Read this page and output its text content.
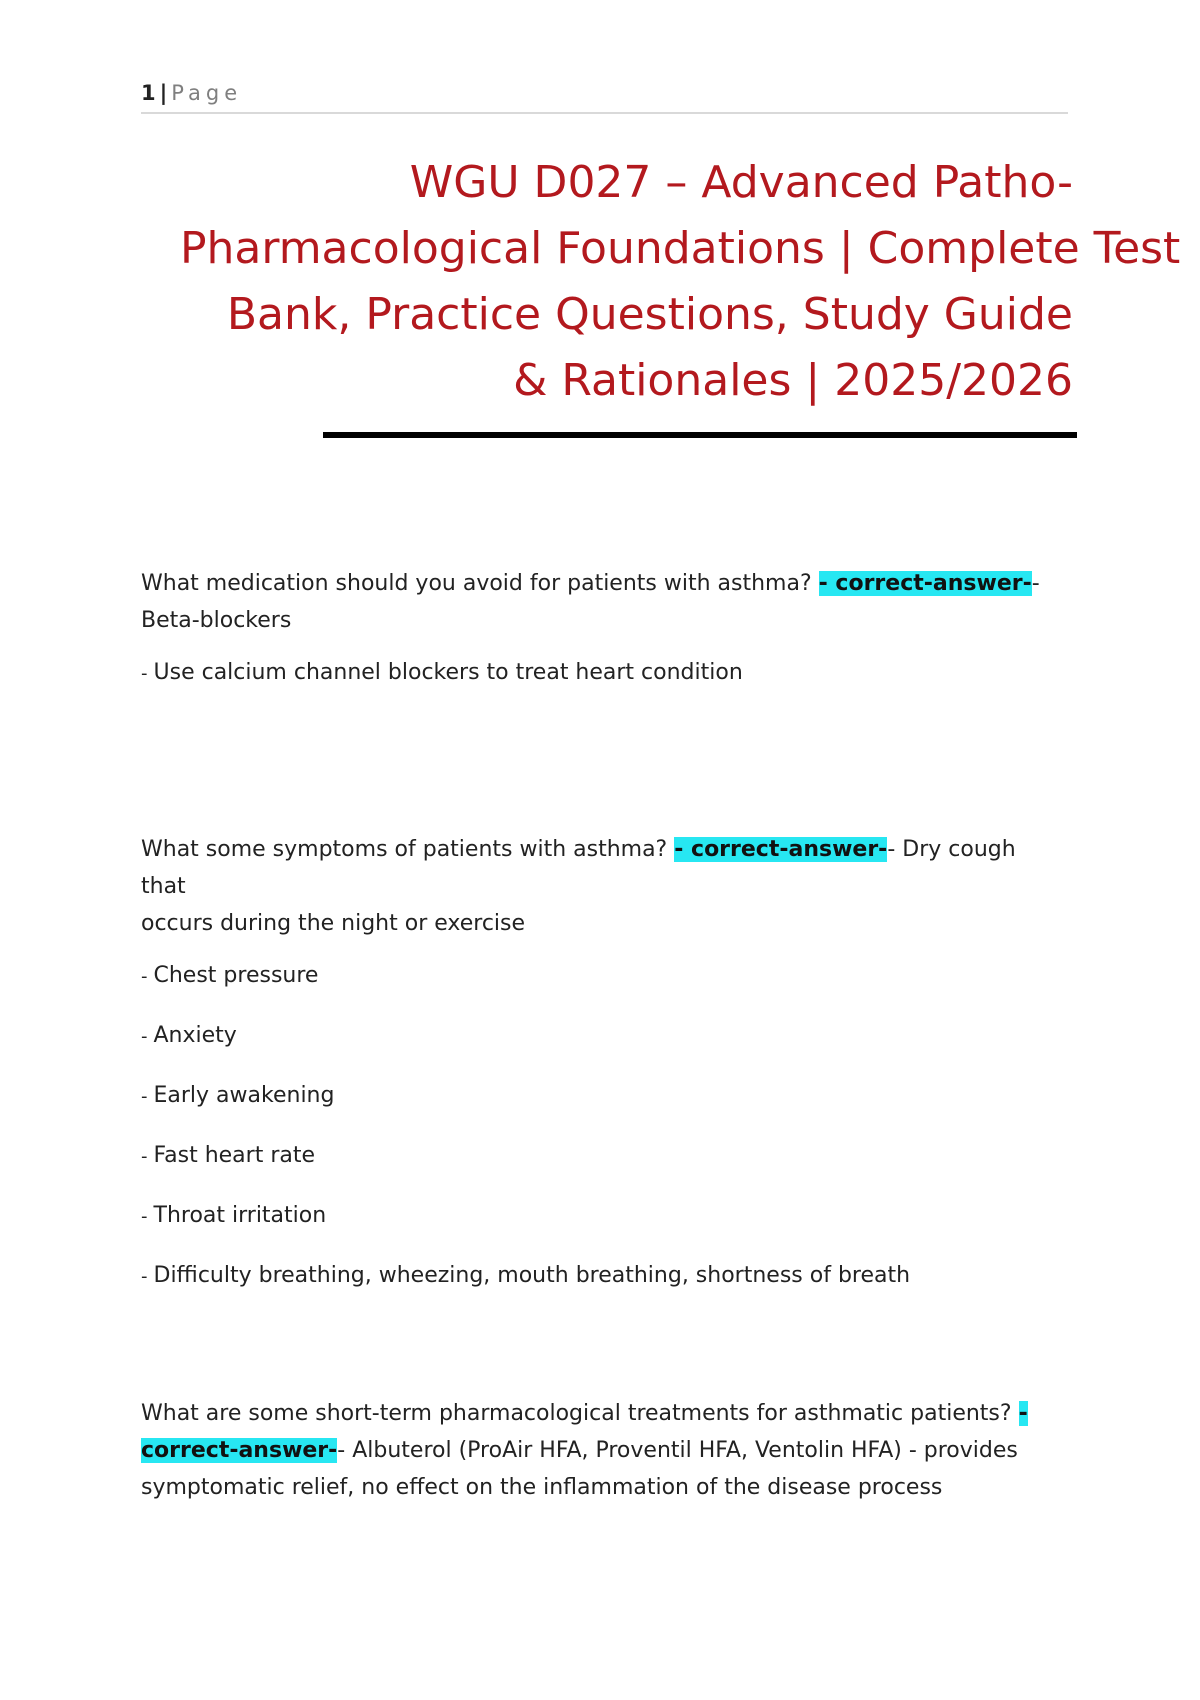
1 | Page
WGU D027 – Advanced Patho-
Pharmacological Foundations | Complete Test
Bank, Practice Questions, Study Guide
& Rationales | 2025/2026
What medication should you avoid for patients with asthma? - correct-answer--
Beta-blockers
- Use calcium channel blockers to treat heart condition
What some symptoms of patients with asthma? - correct-answer-- Dry cough that
occurs during the night or exercise
- Chest pressure
- Anxiety
- Early awakening
- Fast heart rate
- Throat irritation
- Difficulty breathing, wheezing, mouth breathing, shortness of breath
What are some short-term pharmacological treatments for asthmatic patients? -
correct-answer-- Albuterol (ProAir HFA, Proventil HFA, Ventolin HFA) - provides
symptomatic relief, no effect on the inflammation of the disease process
